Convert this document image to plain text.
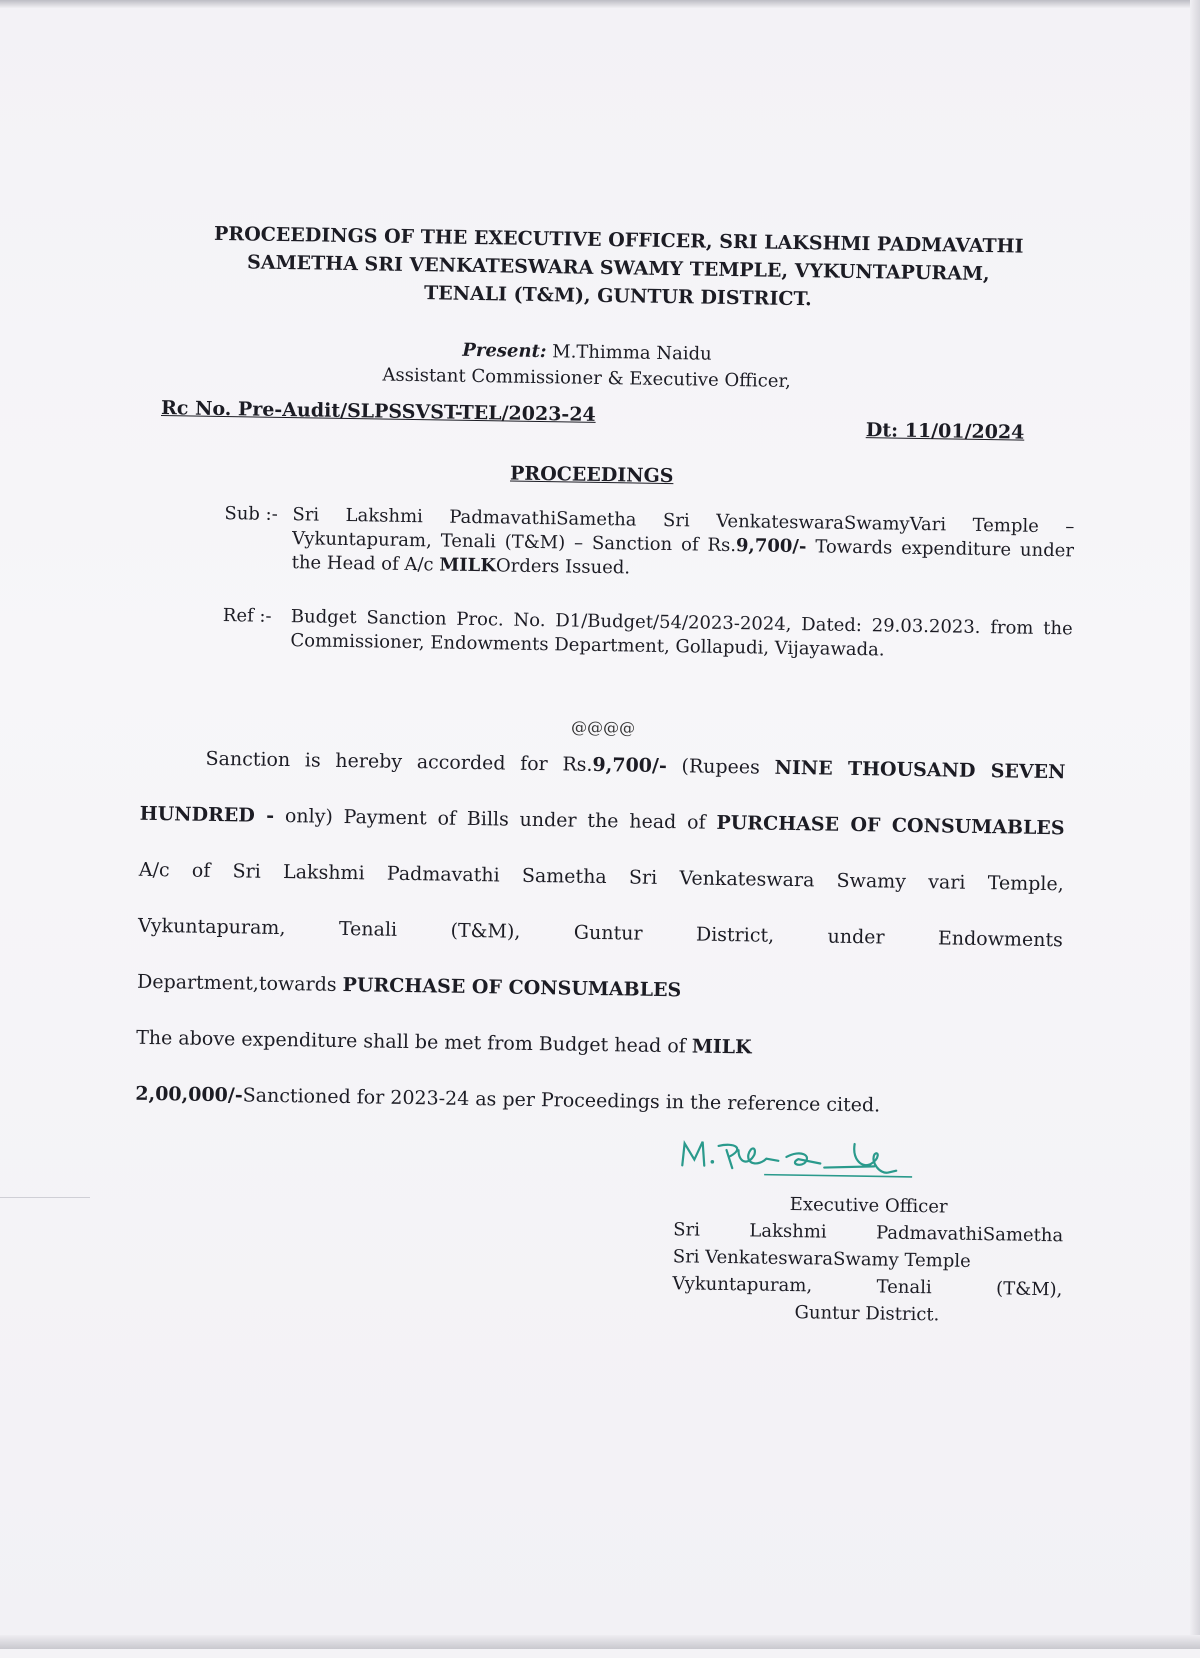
PROCEEDINGS OF THE EXECUTIVE OFFICER, SRI LAKSHMI PADMAVATHI
SAMETHA SRI VENKATESWARA SWAMY TEMPLE, VYKUNTAPURAM,
TENALI (T&M), GUNTUR DISTRICT.
Present: M.Thimma Naidu
Assistant Commissioner & Executive Officer,
Rc No. Pre-Audit/SLPSSVST-TEL/2023-24
Dt: 11/01/2024
PROCEEDINGS
Sub :- Sri Lakshmi PadmavathiSametha Sri VenkateswaraSwamyVari Temple – Vykuntapuram, Tenali (T&M) – Sanction of Rs.9,700/- Towards expenditure under the Head of A/c MILKOrders Issued.
Ref :- Budget Sanction Proc. No. D1/Budget/54/2023-2024, Dated: 29.03.2023. from the Commissioner, Endowments Department, Gollapudi, Vijayawada.
@@@@
Sanction is hereby accorded for Rs.9,700/- (Rupees NINE THOUSAND SEVEN
HUNDRED - only) Payment of Bills under the head of PURCHASE OF CONSUMABLES
A/c of Sri Lakshmi Padmavathi Sametha Sri Venkateswara Swamy vari Temple,
Vykuntapuram, Tenali (T&M), Guntur District, under Endowments
Department,towards PURCHASE OF CONSUMABLES
The above expenditure shall be met from Budget head of MILK
2,00,000/-Sanctioned for 2023-24 as per Proceedings in the reference cited.
Executive Officer
Sri Lakshmi PadmavathiSametha
Sri VenkateswaraSwamy Temple
Vykuntapuram, Tenali (T&M),
Guntur District.
